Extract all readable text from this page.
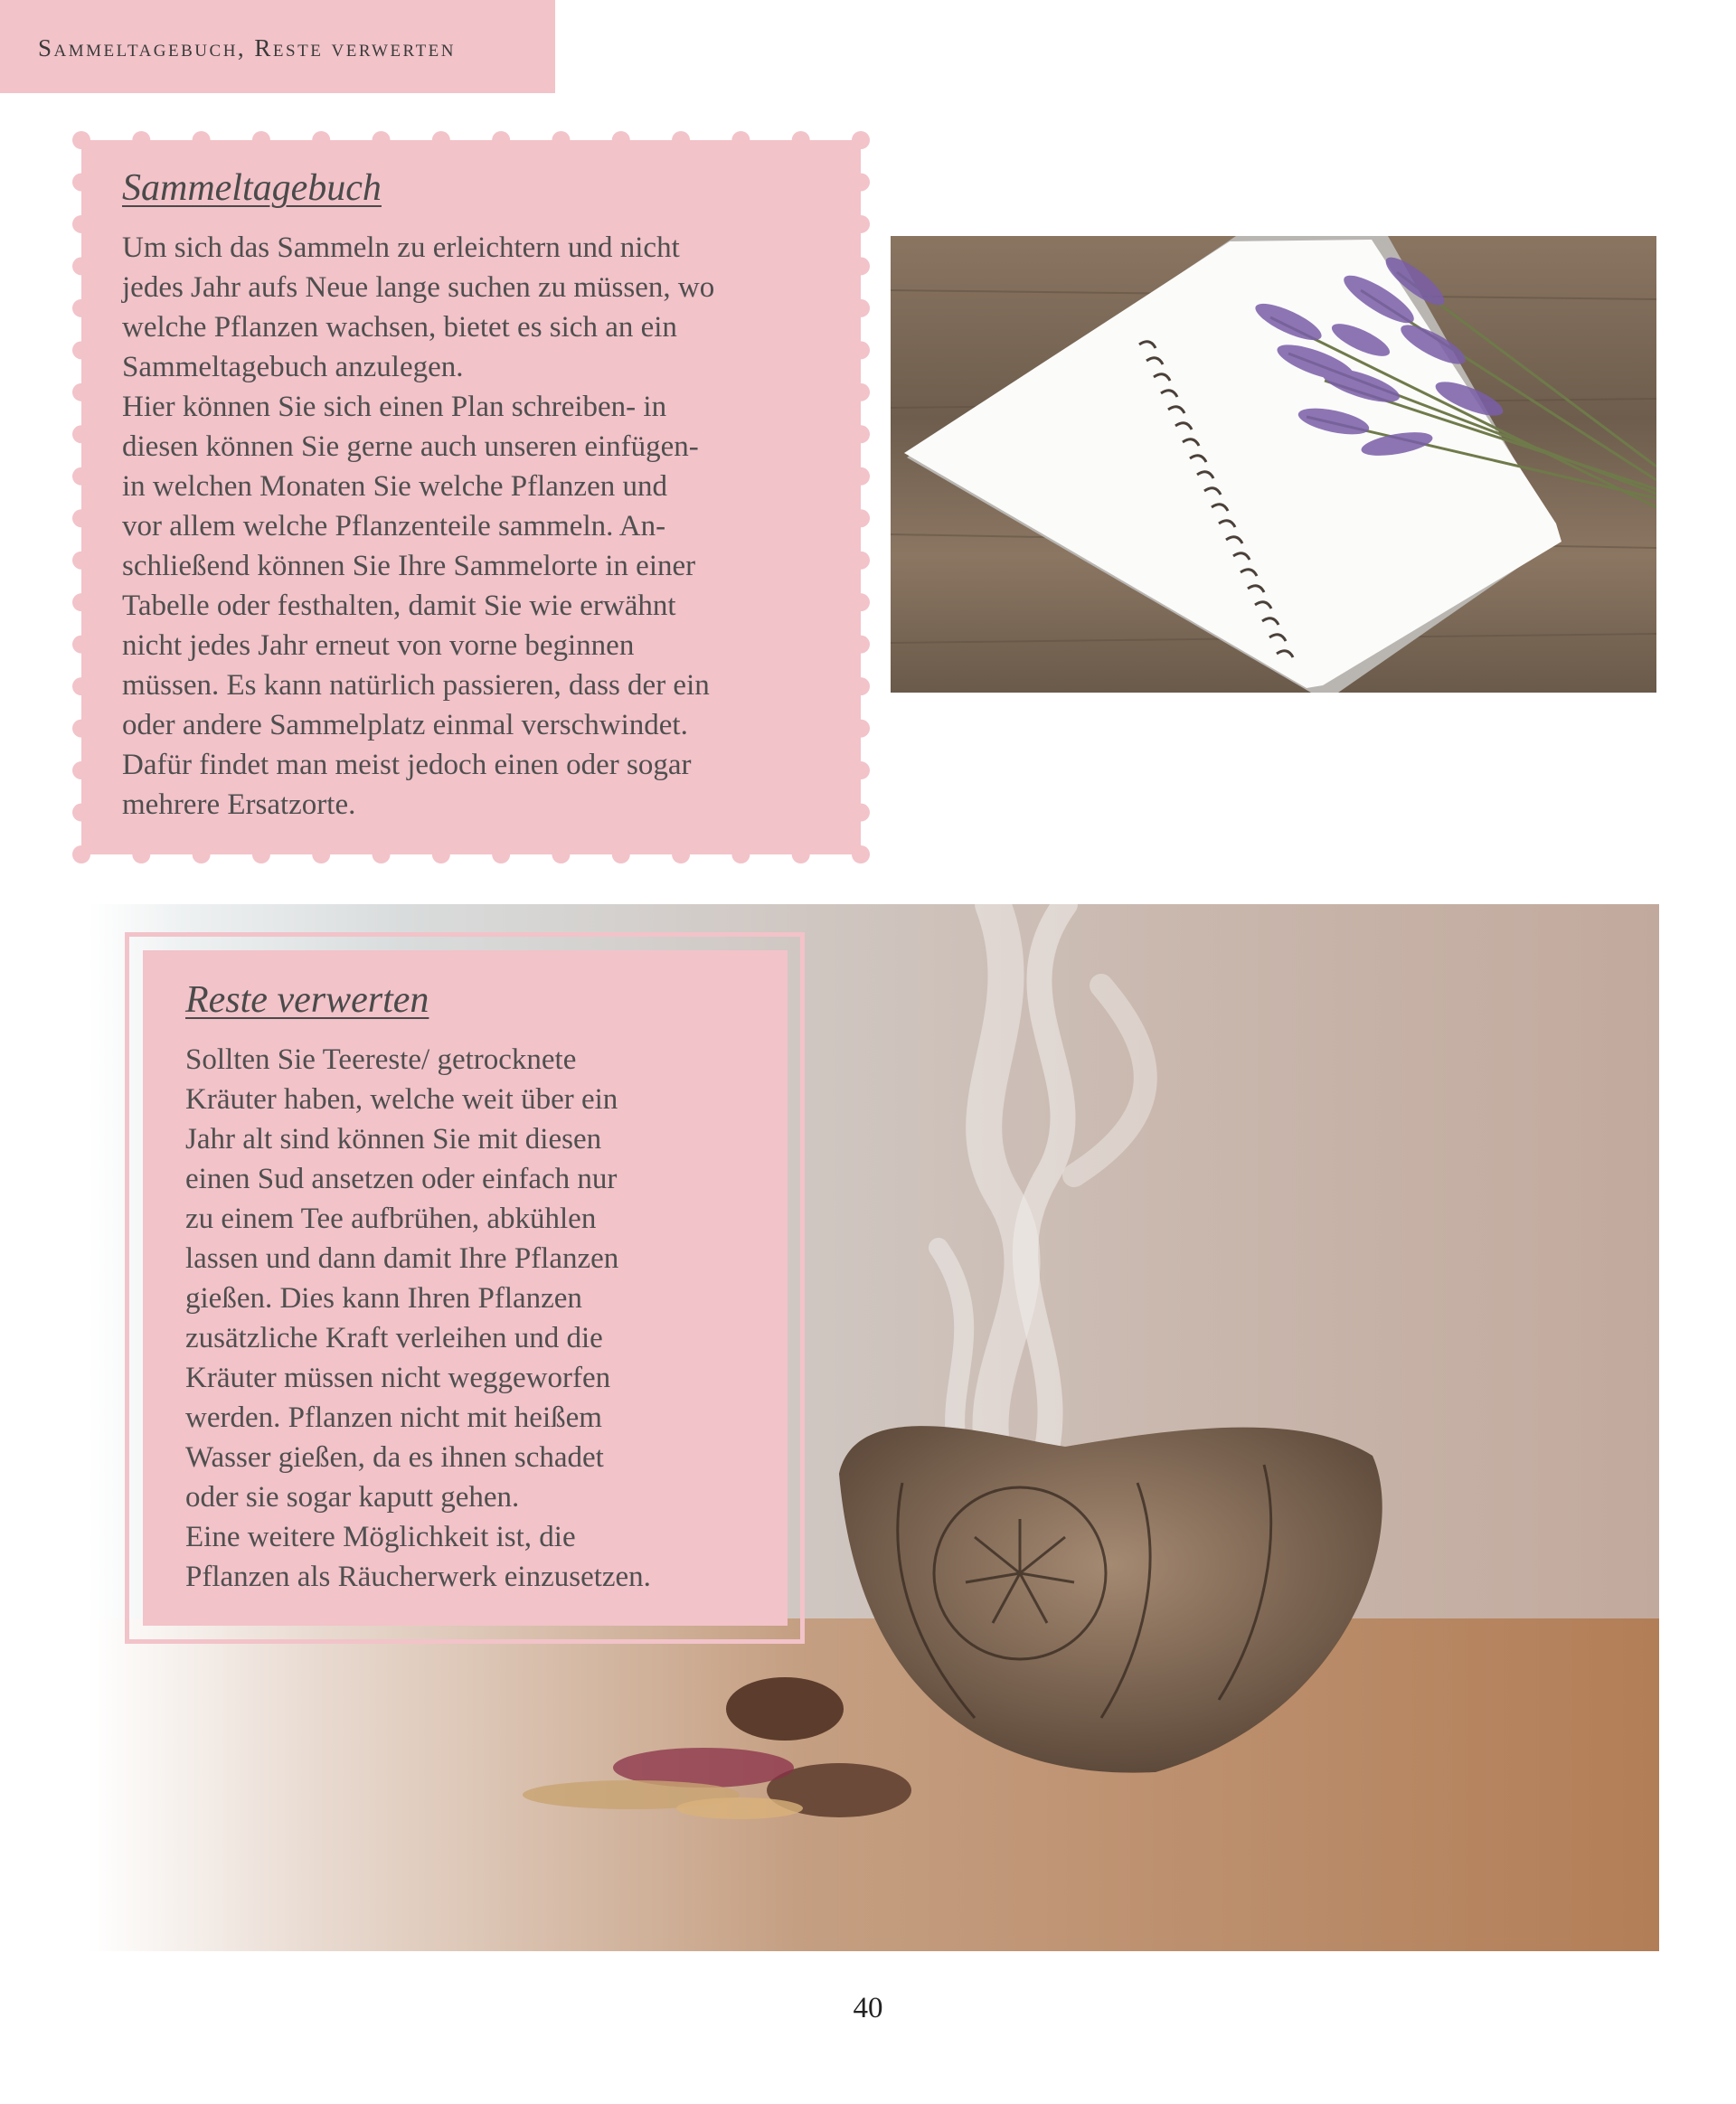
Sammeltagebuch, Reste verwerten
Sammeltagebuch
Um sich das Sammeln zu erleichtern und nicht
jedes Jahr aufs Neue lange suchen zu müssen, wo
welche Pflanzen wachsen, bietet es sich an ein
Sammeltagebuch anzulegen.
Hier können Sie sich einen Plan schreiben- in
diesen können Sie gerne auch unseren einfügen-
in welchen Monaten Sie welche Pflanzen und
vor allem welche Pflanzenteile sammeln. An-
schließend können Sie Ihre Sammelorte in einer
Tabelle oder festhalten, damit Sie wie erwähnt
nicht jedes Jahr erneut von vorne beginnen
müssen. Es kann natürlich passieren, dass der ein
oder andere Sammelplatz einmal verschwindet.
Dafür findet man meist jedoch einen oder sogar
mehrere Ersatzorte.
Reste verwerten
Sollten Sie Teereste/ getrocknete
Kräuter haben, welche weit über ein
Jahr alt sind können Sie mit diesen
einen Sud ansetzen oder einfach nur
zu einem Tee aufbrühen, abkühlen
lassen und dann damit Ihre Pflanzen
gießen. Dies kann Ihren Pflanzen
zusätzliche Kraft verleihen und die
Kräuter müssen nicht weggeworfen
werden. Pflanzen nicht mit heißem
Wasser gießen, da es ihnen schadet
oder sie sogar kaputt gehen.
Eine weitere Möglichkeit ist, die
Pflanzen als Räucherwerk einzusetzen.
40
